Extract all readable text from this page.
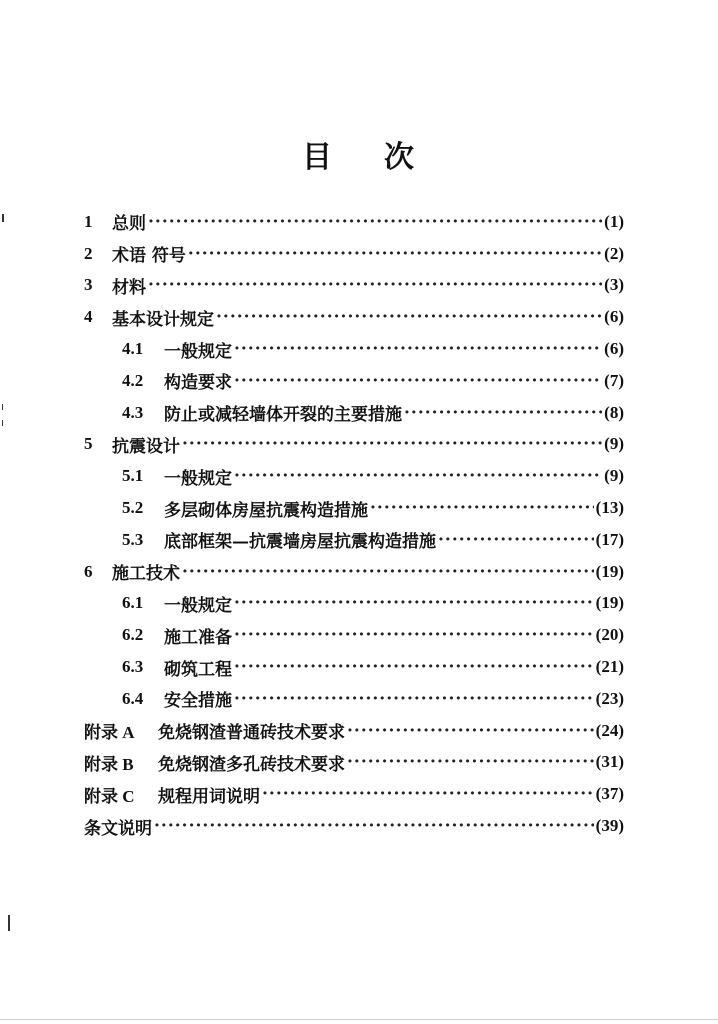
目 次
1	总则 ·····	(1)
2	术语 符号 ·····	(2)
3	材料 ·····	(3)
4	基本设计规定 ·····	(6)
4.1	一般规定 ·····	(6)
4.2	构造要求 ·····	(7)
4.3	防止或减轻墙体开裂的主要措施 ·····	(8)
5	抗震设计 ·····	(9)
5.1	一般规定 ·····	(9)
5.2	多层砌体房屋抗震构造措施 ·····	(13)
5.3	底部框架—抗震墙房屋抗震构造措施 ·····	(17)
6	施工技术 ·····	(19)
6.1	一般规定 ·····	(19)
6.2	施工准备 ·····	(20)
6.3	砌筑工程 ·····	(21)
6.4	安全措施 ·····	(23)
附录 A	免烧钢渣普通砖技术要求 ·····	(24)
附录 B	免烧钢渣多孔砖技术要求 ·····	(31)
附录 C	规程用词说明 ·····	(37)
条文说明 ·····	(39)
